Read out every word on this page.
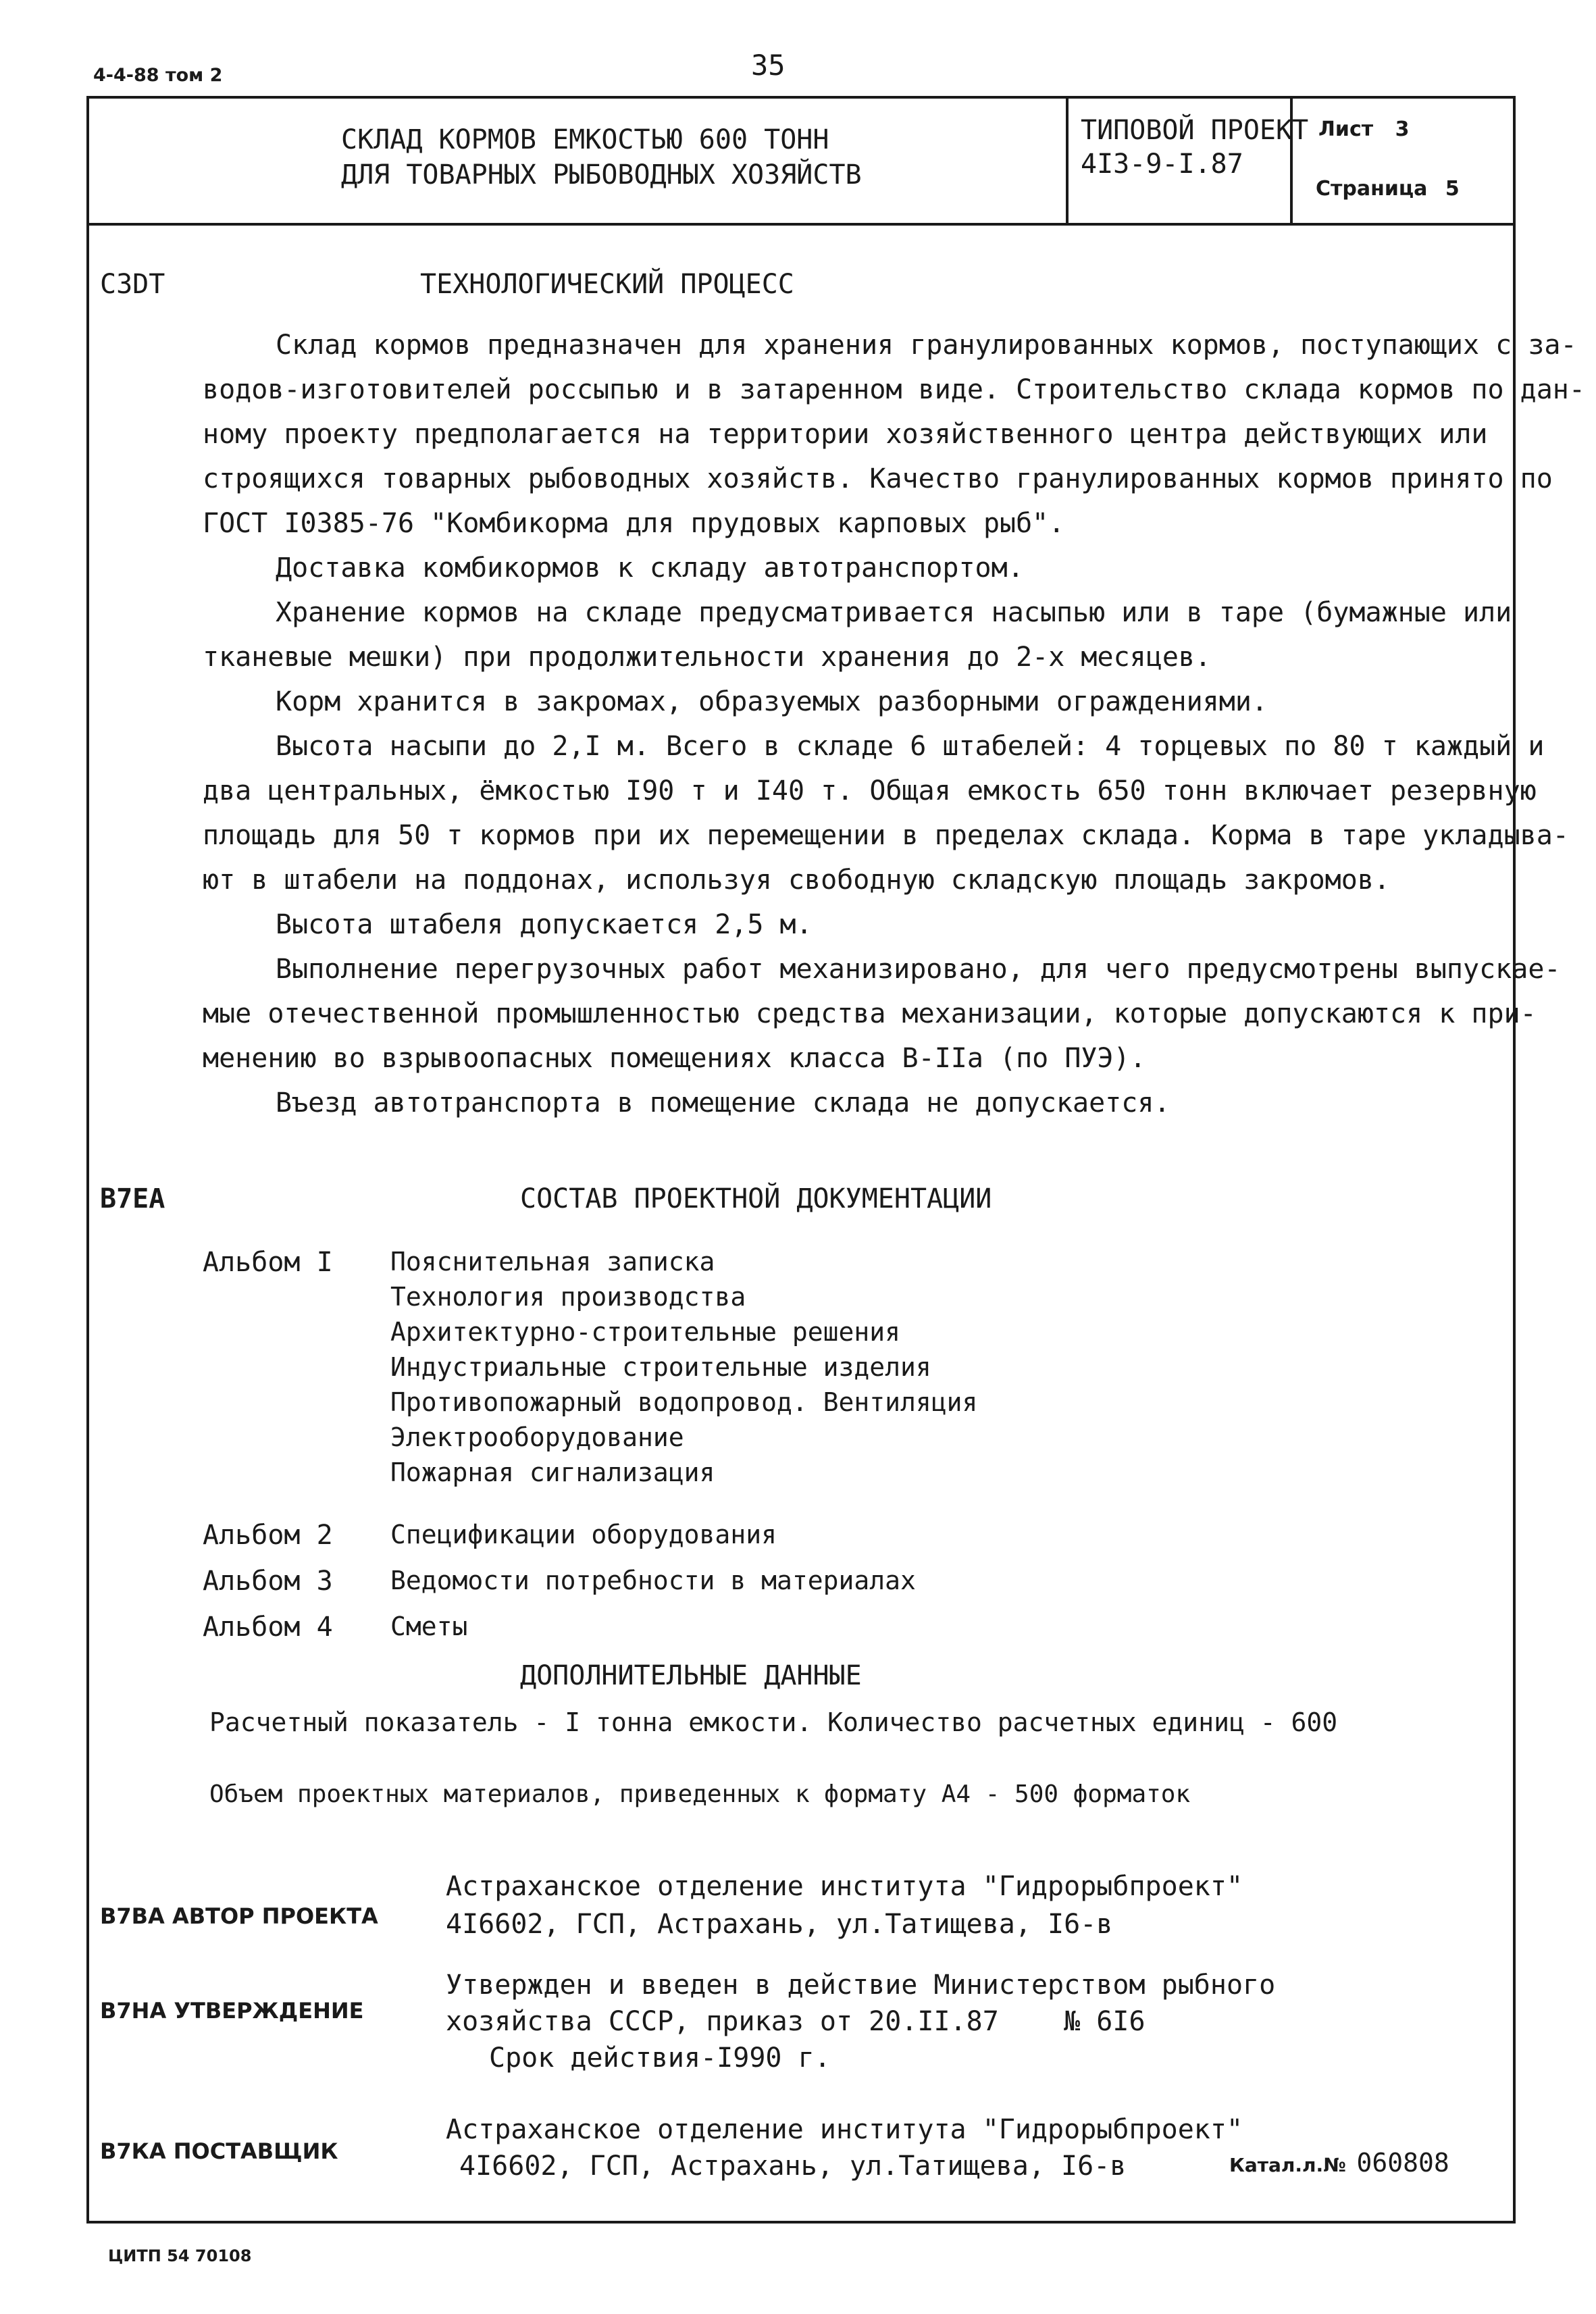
4-4-88 том 2	35
СКЛАД КОРМОВ ЕМКОСТЬЮ 600 ТОНН
ДЛЯ ТОВАРНЫХ РЫБОВОДНЫХ ХОЗЯЙСТВ
ТИПОВОЙ ПРОЕКТ
4I3-9-I.87
Лист 3
Страница 5
С3DТ	ТЕХНОЛОГИЧЕСКИЙ ПРОЦЕСС
Склад кормов предназначен для хранения гранулированных кормов, поступающих с за-
водов-изготовителей россыпью и в затаренном виде. Строительство склада кормов по дан-
ному проекту предполагается на территории хозяйственного центра действующих или
строящихся товарных рыбоводных хозяйств. Качество гранулированных кормов принято по
ГОСТ I0385-76 "Комбикорма для прудовых карповых рыб".
Доставка комбикормов к складу автотранспортом.
Хранение кормов на складе предусматривается насыпью или в таре (бумажные или
тканевые мешки) при продолжительности хранения до 2-х месяцев.
Корм хранится в закромах, образуемых разборными ограждениями.
Высота насыпи до 2,I м. Всего в складе 6 штабелей: 4 торцевых по 80 т каждый и
два центральных, ёмкостью I90 т и I40 т. Общая емкость 650 тонн включает резервную
площадь для 50 т кормов при их перемещении в пределах склада. Корма в таре укладыва-
ют в штабели на поддонах, используя свободную складскую площадь закромов.
Высота штабеля допускается 2,5 м.
Выполнение перегрузочных работ механизировано, для чего предусмотрены выпускае-
мые отечественной промышленностью средства механизации, которые допускаются к при-
менению во взрывоопасных помещениях класса В-IIа (по ПУЭ).
Въезд автотранспорта в помещение склада не допускается.
В7ЕА	СОСТАВ ПРОЕКТНОЙ ДОКУМЕНТАЦИИ
Альбом I Пояснительная записка
Технология производства
Архитектурно-строительные решения
Индустриальные строительные изделия
Противопожарный водопровод. Вентиляция
Электрооборудование
Пожарная сигнализация
Альбом 2 Спецификации оборудования
Альбом 3 Ведомости потребности в материалах
Альбом 4 Сметы
ДОПОЛНИТЕЛЬНЫЕ ДАННЫЕ
Расчетный показатель - I тонна емкости. Количество расчетных единиц - 600
Объем проектных материалов, приведенных к формату А4 - 500 форматок
В7ВА АВТОР ПРОЕКТА
Астраханское отделение института "Гидрорыбпроект"
4I6602, ГСП, Астрахань, ул.Татищева, I6-в
В7НА УТВЕРЖДЕНИЕ
Утвержден и введен в действие Министерством рыбного
хозяйства СССР, приказ от 20.II.87    № 6I6
Срок действия-I990 г.
В7КА ПОСТАВЩИК
Астраханское отделение института "Гидрорыбпроект"
4I6602, ГСП, Астрахань, ул.Татищева, I6-в	Катал.л.№ 060808
ЦИТП 54 70108
